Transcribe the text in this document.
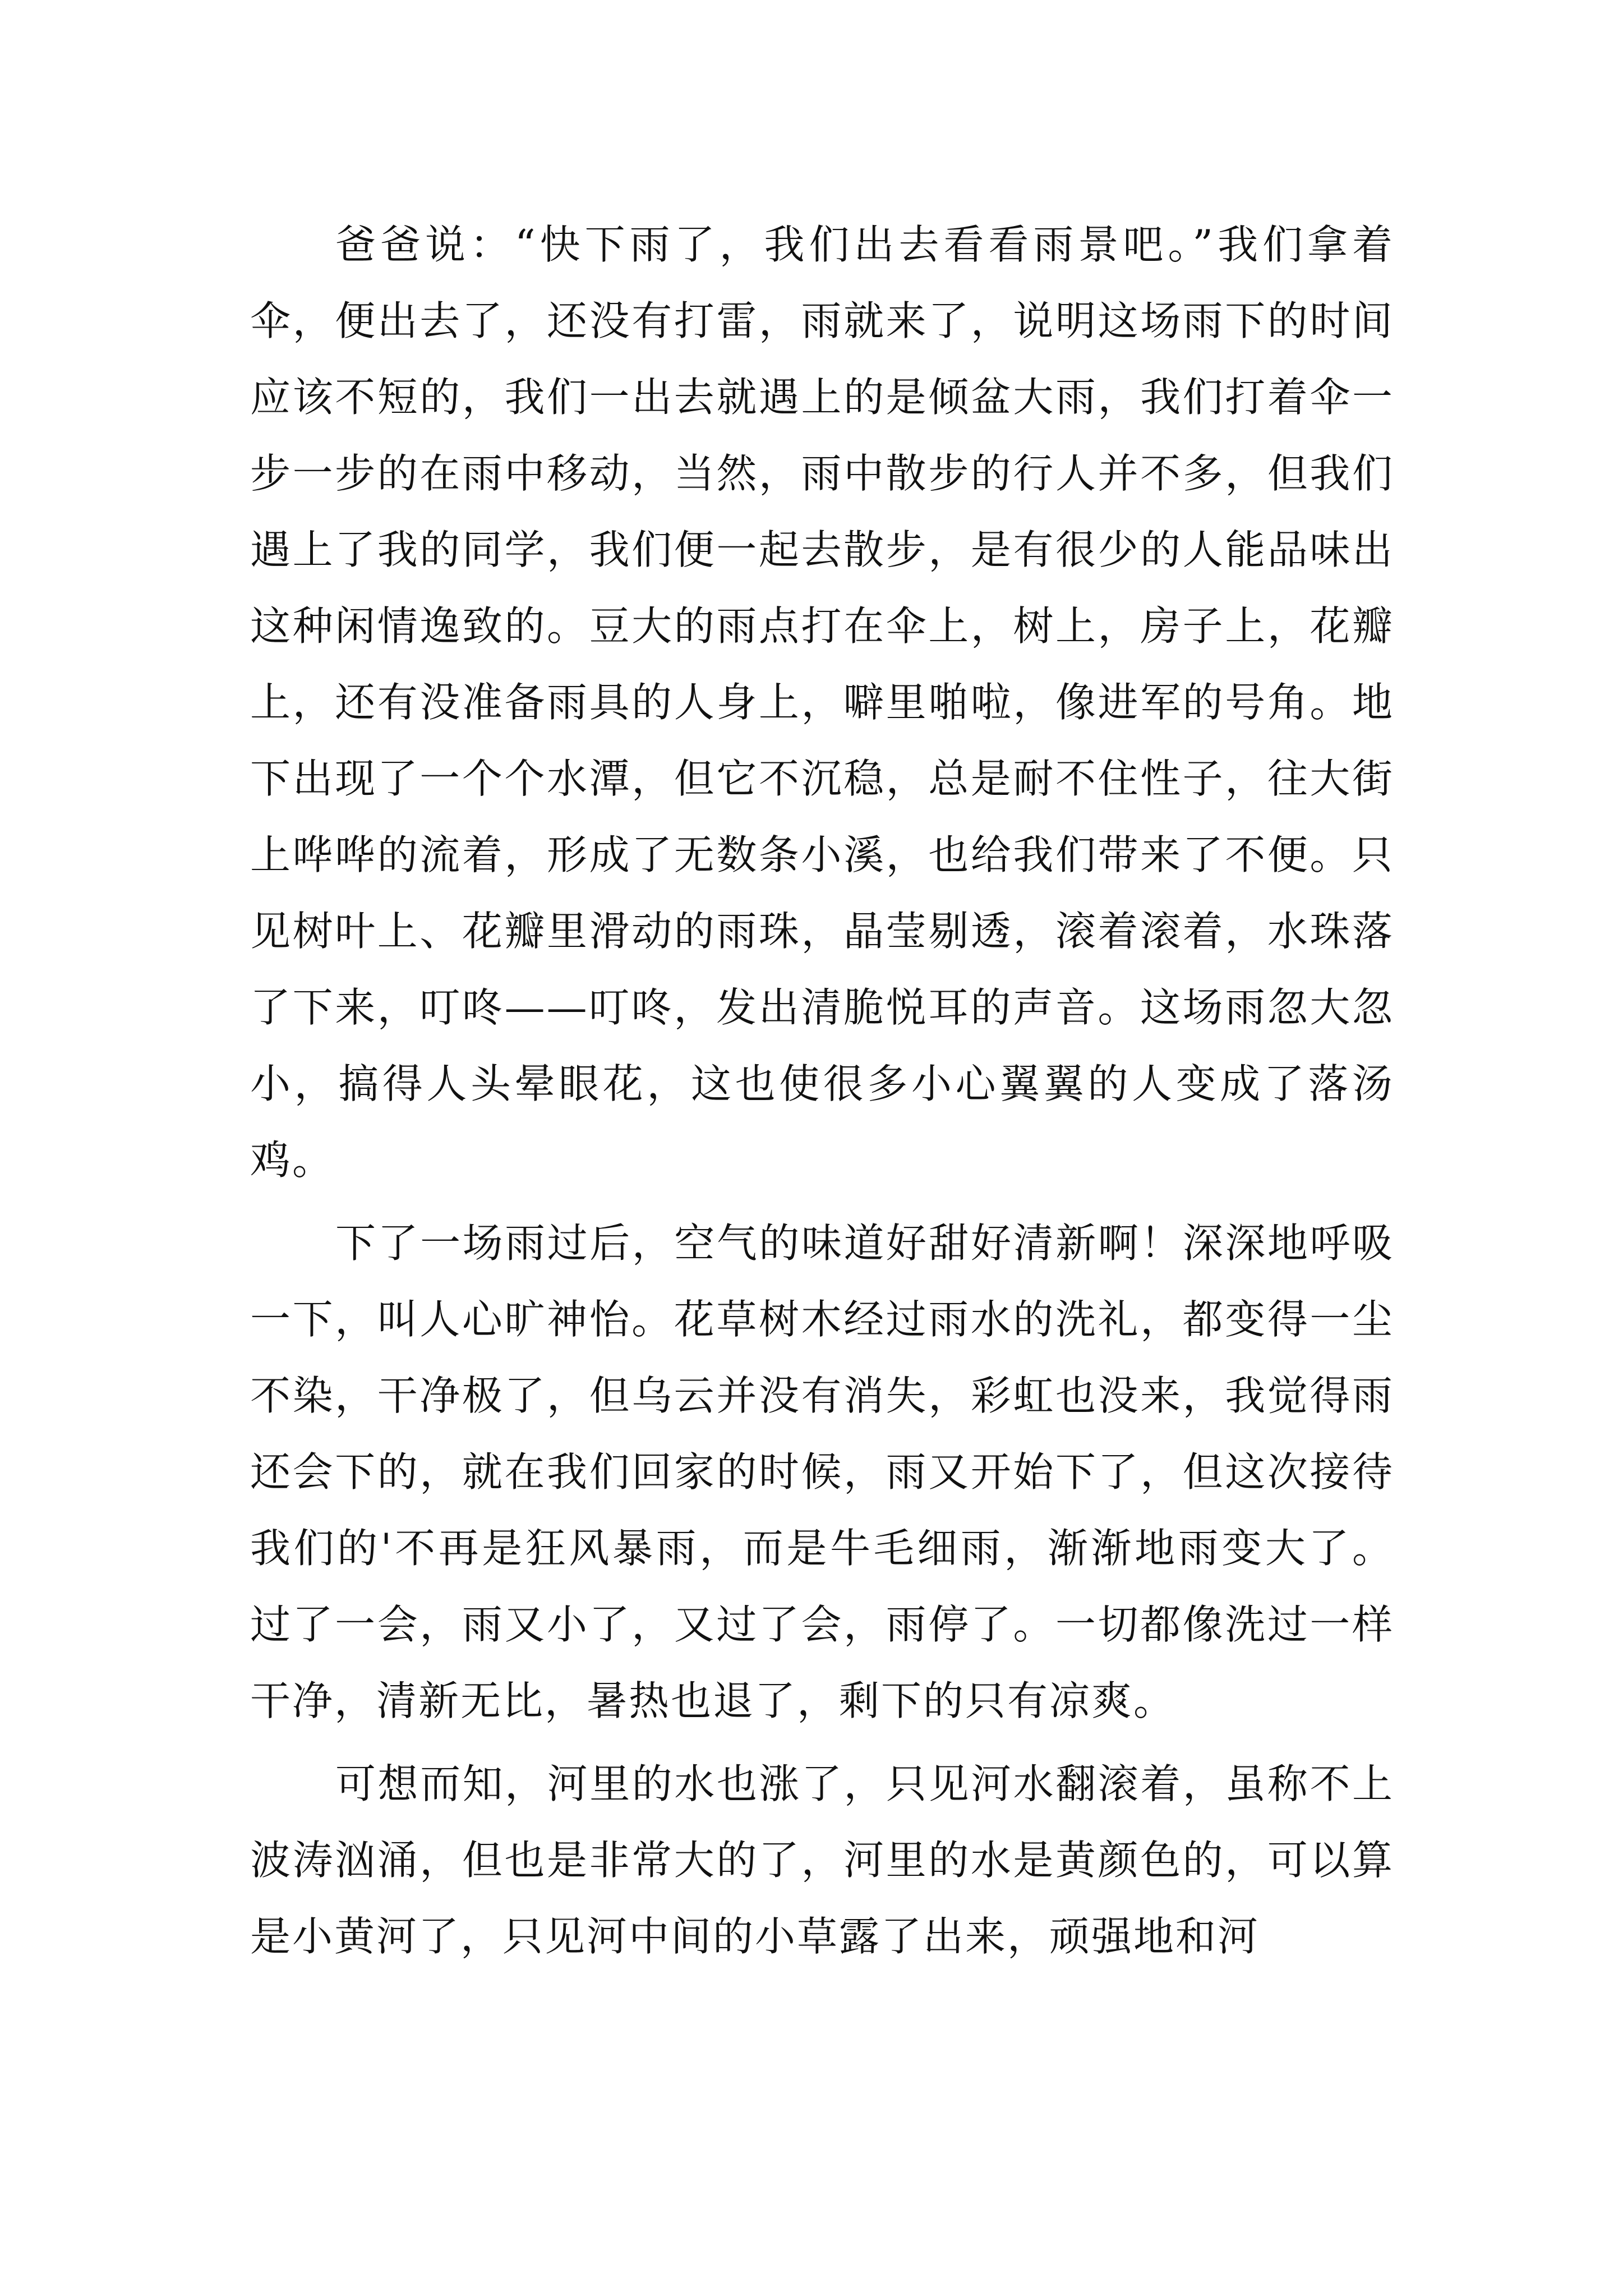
爸爸说：“快下雨了，我们出去看看雨景吧。”我们拿着伞，便出去了，还没有打雷，雨就来了，说明这场雨下的时间应该不短的，我们一出去就遇上的是倾盆大雨，我们打着伞一步一步的在雨中移动，当然，雨中散步的行人并不多，但我们遇上了我的同学，我们便一起去散步，是有很少的人能品味出这种闲情逸致的。豆大的雨点打在伞上，树上，房子上，花瓣上，还有没准备雨具的人身上，噼里啪啦，像进军的号角。地下出现了一个个水潭，但它不沉稳，总是耐不住性子，往大街上哗哗的流着，形成了无数条小溪，也给我们带来了不便。只见树叶上、花瓣里滑动的雨珠，晶莹剔透，滚着滚着，水珠落了下来，叮咚——叮咚，发出清脆悦耳的声音。这场雨忽大忽小，搞得人头晕眼花，这也使很多小心翼翼的人变成了落汤鸡。

下了一场雨过后，空气的味道好甜好清新啊！深深地呼吸一下，叫人心旷神怡。花草树木经过雨水的洗礼，都变得一尘不染，干净极了，但乌云并没有消失，彩虹也没来，我觉得雨还会下的，就在我们回家的时候，雨又开始下了，但这次接待我们的'不再是狂风暴雨，而是牛毛细雨，渐渐地雨变大了。过了一会，雨又小了，又过了会，雨停了。一切都像洗过一样干净，清新无比，暑热也退了，剩下的只有凉爽。

可想而知，河里的水也涨了，只见河水翻滚着，虽称不上波涛汹涌，但也是非常大的了，河里的水是黄颜色的，可以算是小黄河了，只见河中间的小草露了出来，顽强地和河
